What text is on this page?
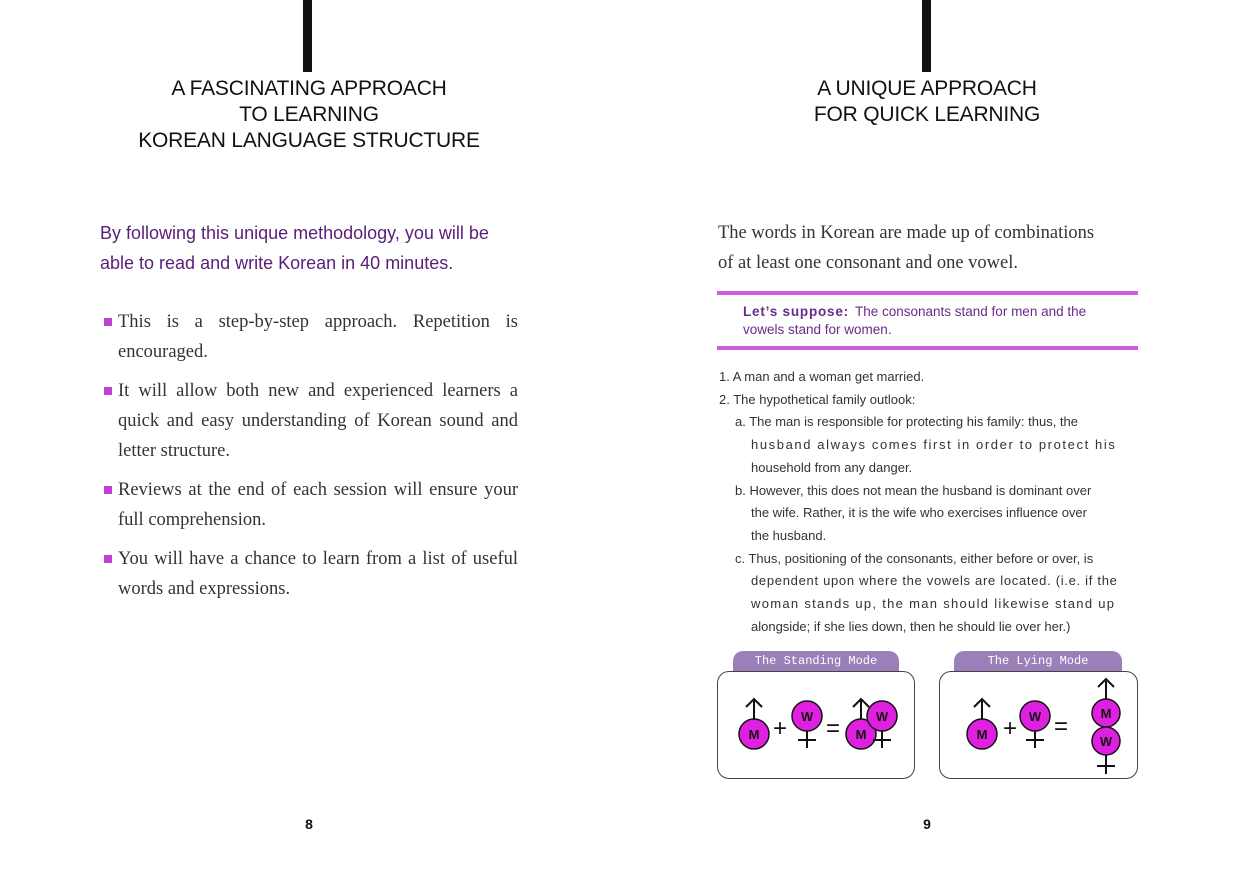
A FASCINATING APPROACH
TO LEARNING
KOREAN LANGUAGE STRUCTURE
By following this unique methodology, you will be
able to read and write Korean in 40 minutes.
This is a step-by-step approach. Repetition is encouraged.
It will allow both new and experienced learners a quick and easy understanding of Korean sound and letter structure.
Reviews at the end of each session will ensure your full comprehension.
You will have a chance to learn from a list of useful words and expressions.
8
A UNIQUE APPROACH
FOR QUICK LEARNING
The words in Korean are made up of combinations
of at least one consonant and one vowel.
Let’s suppose: The consonants stand for men and the vowels stand for women.
1. A man and a woman get married.
2. The hypothetical family outlook:
a. The man is responsible for protecting his family: thus, the
husband always comes first in order to protect his
household from any danger.
b. However, this does not mean the husband is dominant over
the wife. Rather, it is the wife who exercises influence over
the husband.
c. Thus, positioning of the consonants, either before or over, is
dependent upon where the vowels are located. (i.e. if the
woman stands up, the man should likewise stand up
alongside; if she lies down, then he should lie over her.)
The Standing Mode
M + W = M
W
The Lying Mode
M + W =	M
W
9
